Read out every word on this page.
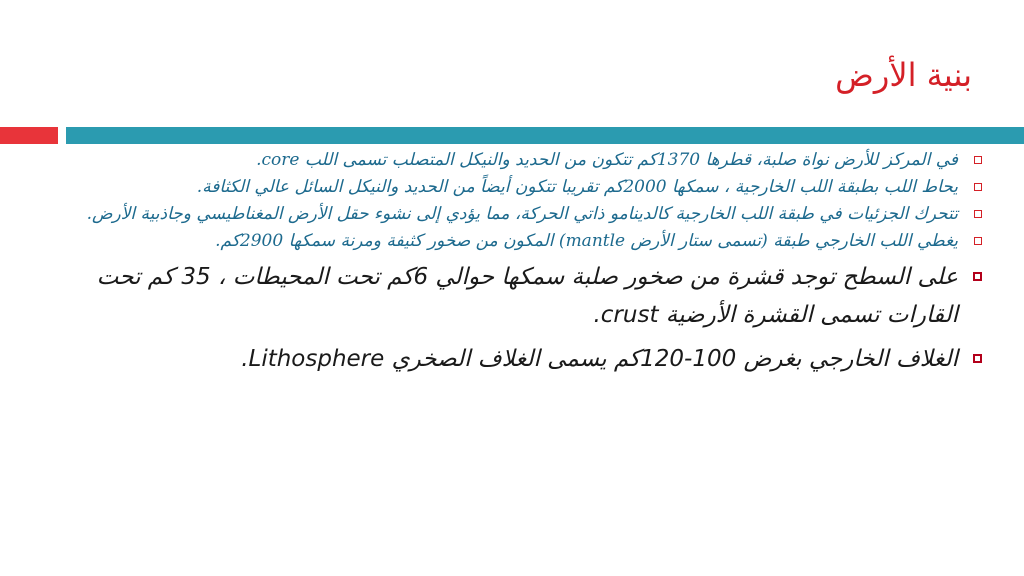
بنية الأرض
في المركز للأرض نواة صلبة، قطرها 1370كم تتكون من الحديد والنيكل المتصلب تسمى اللب core.
يحاط اللب بطبقة اللب الخارجية ، سمكها 2000كم تقريبا تتكون أيضاً من الحديد والنيكل السائل عالي الكثافة.
تتحرك الجزئيات في طبقة اللب الخارجية كالدينامو ذاتي الحركة، مما يؤدي إلى نشوء حقل الأرض المغناطيسي وجاذبية الأرض.
يغطي اللب الخارجي طبقة (تسمى ستار الأرض mantle) المكون من صخور كثيفة ومرنة سمكها 2900كم.
على السطح توجد قشرة من صخور صلبة سمكها حوالي 6كم تحت المحيطات ، 35 كم تحت القارات تسمى القشرة الأرضية crust.
الغلاف الخارجي بغرض 100-120كم يسمى الغلاف الصخري Lithosphere.
